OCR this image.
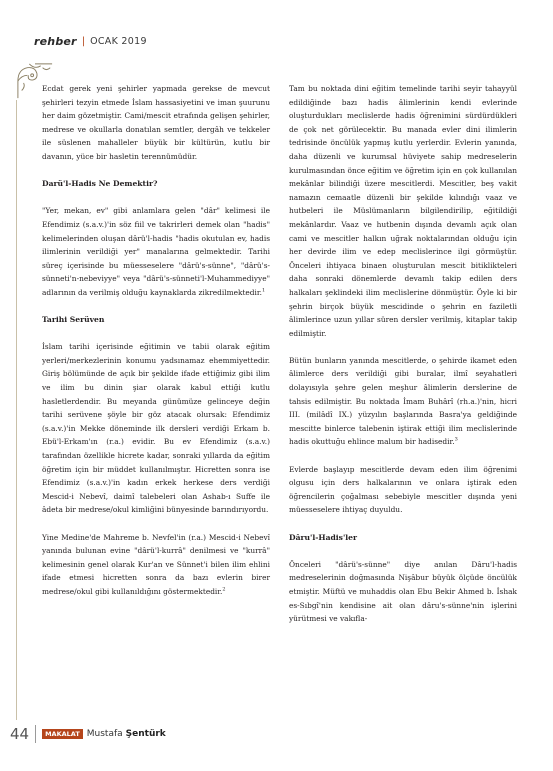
rehber | OCAK 2019

Ecdat gerek yeni şehirler yapmada gerekse de mevcut şehirleri tezyin etmede İslam hassasiyetini ve iman şuurunu her daim gözetmiştir. Cami/mescit etrafında gelişen şehirler, medrese ve okullarla donatılan semtler, dergâh ve tekkeler ile süslenen mahalleler büyük bir kültürün, kutlu bir davanın, yüce bir hasletin terennümüdür.

Darü'l-Hadis Ne Demektir?

"Yer, mekan, ev" gibi anlamlara gelen "dâr" kelimesi ile Efendimiz (s.a.v.)'in söz fiil ve takrirleri demek olan "hadis" kelimelerinden oluşan dârü'l-hadis "hadis okutulan ev, hadis ilimlerinin verildiği yer" manalarına gelmektedir. Tarihi süreç içerisinde bu müesseselere "dârü's-sünne", "dârü's-sünneti'n-nebeviyye" veya "dârü's-sünneti'l-Muhammediyye" adlarının da verilmiş olduğu kaynaklarda zikredilmektedir.$^1$

Tarihi Serüven

İslam tarihi içerisinde eğitimin ve tabii olarak eğitim yerleri/merkezlerinin konumu yadsınamaz ehemmiyettedir. Giriş bölümünde de açık bir şekilde ifade ettiğimiz gibi ilim ve ilim bu dinin şiar olarak kabul ettiği kutlu hasletlerdendir. Bu meyanda günümüze gelinceye değin tarihi serüvene şöyle bir göz atacak olursak: Efendimiz (s.a.v.)'in Mekke döneminde ilk dersleri verdiği Erkam b. Ebü'l-Erkam'ın (r.a.) evidir. Bu ev Efendimiz (s.a.v.) tarafından özellikle hicrete kadar, sonraki yıllarda da eğitim öğretim için bir müddet kullanılmıştır. Hicretten sonra ise Efendimiz (s.a.v.)'in kadın erkek herkese ders verdiği Mescid-i Nebevî, daimî talebeleri olan Ashab-ı Suffe ile âdeta bir medrese/okul kimliğini bünyesinde barındırıyordu.

Yine Medine'de Mahreme b. Nevfel'in (r.a.) Mescid-i Nebevî yanında bulunan evine "dârü'l-kurrâ" denilmesi ve "kurrâ" kelimesinin genel olarak Kur'an ve Sünnet'i bilen ilim ehlini ifade etmesi hicretten sonra da bazı evlerin birer medrese/okul gibi kullanıldığını göstermektedir.$^2$

Tam bu noktada dini eğitim temelinde tarihi seyir tahayyül edildiğinde bazı hadis âlimlerinin kendi evlerinde oluşturdukları meclislerde hadis öğrenimini sürdürdükleri de çok net görülecektir. Bu manada evler dini ilimlerin tedrisinde öncülük yapmış kutlu yerlerdir. Evlerin yanında, daha düzenli ve kurumsal hüviyete sahip medreselerin kurulmasından önce eğitim ve öğretim için en çok kullanılan mekânlar bilindiği üzere mescitlerdi. Mescitler, beş vakit namazın cemaatle düzenli bir şekilde kılındığı vaaz ve hutbeleri ile Müslümanların bilgilendirilip, eğitildiği mekânlardır. Vaaz ve hutbenin dışında devamlı açık olan cami ve mescitler halkın uğrak noktalarından olduğu için her devirde ilim ve edep meclislerince ilgi görmüştür. Önceleri ihtiyaca binaen oluşturulan mescit bitiklikteleri daha sonraki dönemlerde devamlı takip edilen ders halkaları şeklindeki ilim meclislerine dönmüştür. Öyle ki bir şehrin birçok büyük mescidinde o şehrin en faziletli âlimlerince uzun yıllar süren dersler verilmiş, kitaplar takip edilmiştir.

Bütün bunların yanında mescitlerde, o şehirde ikamet eden âlimlerce ders verildiği gibi buralar, ilmî seyahatleri dolayısıyla şehre gelen meşhur âlimlerin derslerine de tahsis edilmiştir. Bu noktada İmam Buhârî (rh.a.)'nin, hicri III. (milâdî IX.) yüzyılın başlarında Basra'ya geldiğinde mescitte binlerce talebenin iştirak ettiği ilim meclislerinde hadis okuttuğu ehlince malum bir hadisedir.$^3$

Evlerde başlayıp mescitlerde devam eden ilim öğrenimi olgusu için ders halkalarının ve onlara iştirak eden öğrencilerin çoğalması sebebiyle mescitler dışında yeni müesseselere ihtiyaç duyuldu.

Dâru'l-Hadis'ler

Önceleri "dârü's-sünne" diye anılan Dâru'l-hadis medreselerinin doğmasında Nişâbur büyük ölçüde öncülük etmiştir. Müftü ve muhaddis olan Ebu Bekir Ahmed b. İshak es-Sıbgî'nin kendisine ait olan dâru's-sünne'nin işlerini yürütmesi ve vakıfla-

44	MAKALAT Mustafa Şentürk
